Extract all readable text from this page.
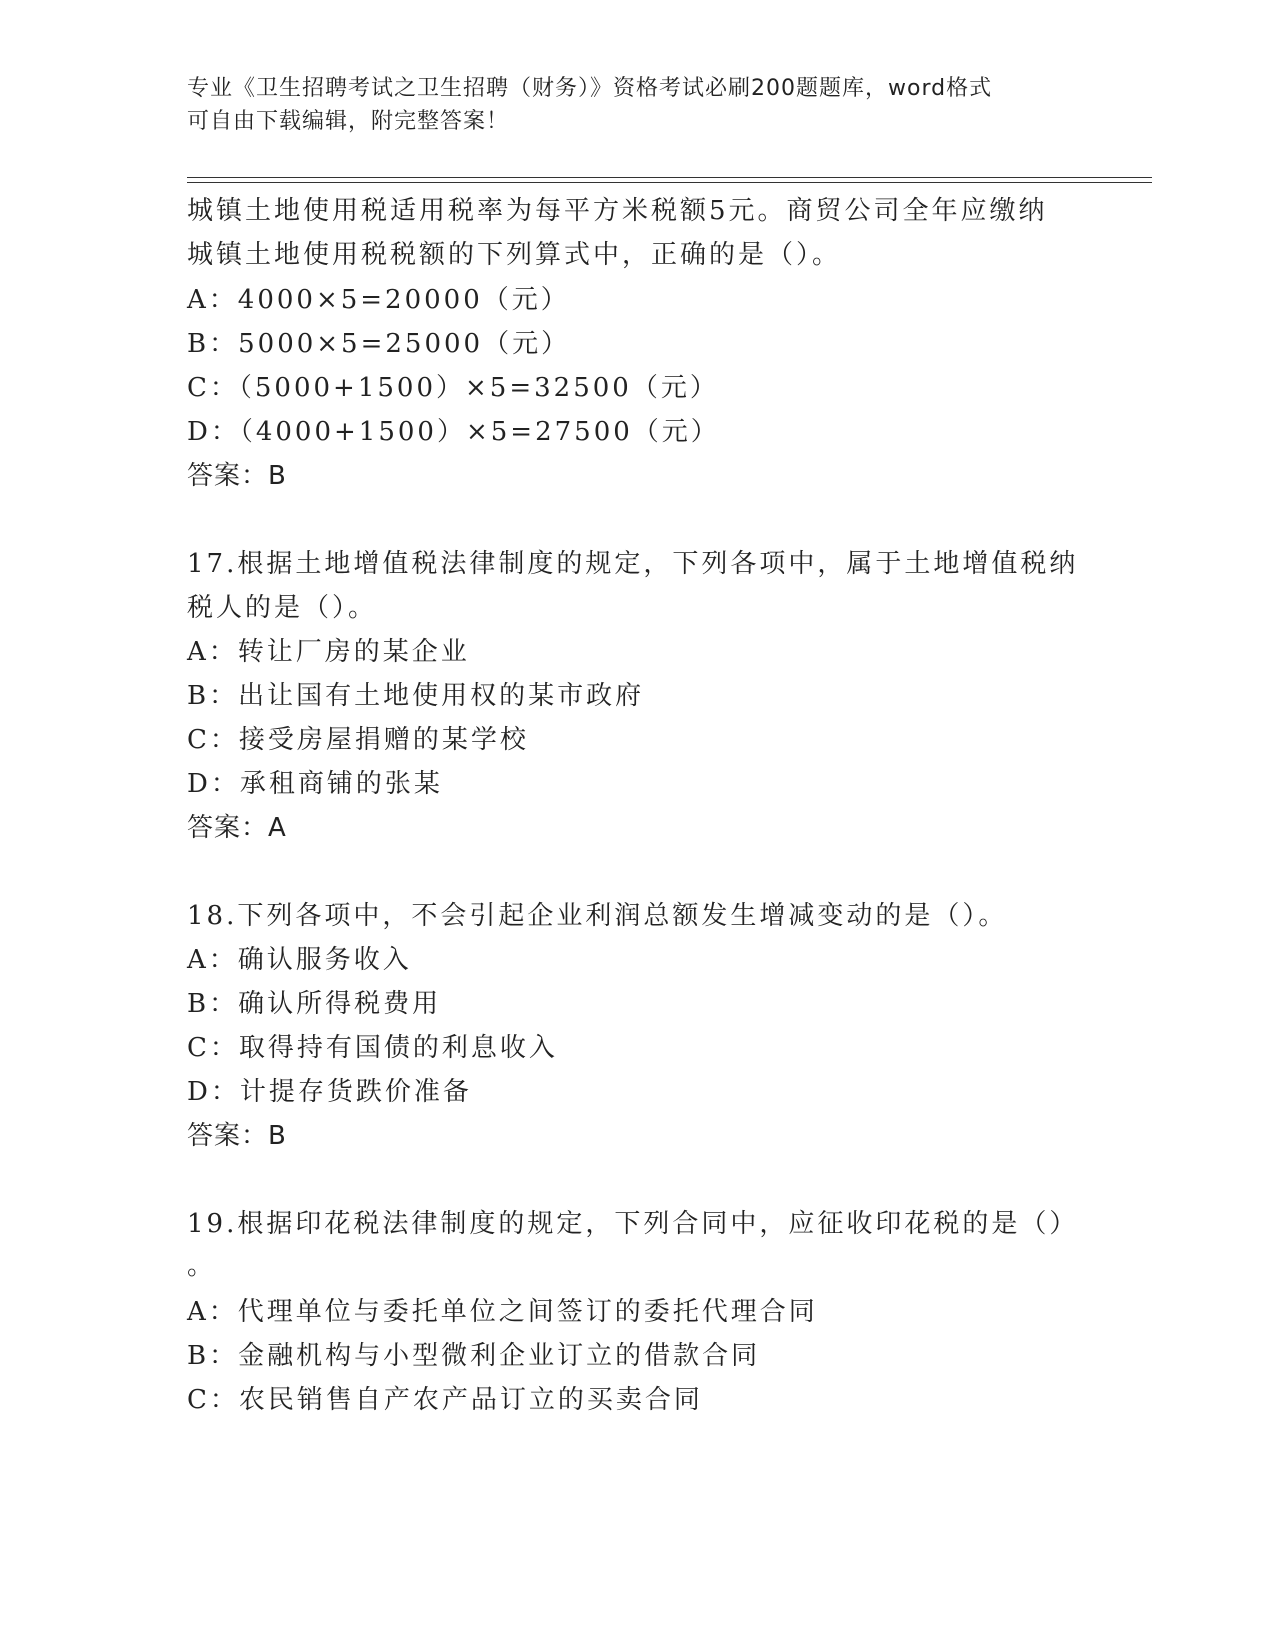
专业《卫生招聘考试之卫生招聘（财务）》资格考试必刷200题题库，word格式
可自由下载编辑，附完整答案！
城镇土地使用税适用税率为每平方米税额5元。商贸公司全年应缴纳
城镇土地使用税税额的下列算式中，正确的是（）。
A：4000×5=20000（元）
B：5000×5=25000（元）
C：（5000+1500）×5=32500（元）
D：（4000+1500）×5=27500（元）
答案：B
17.根据土地增值税法律制度的规定，下列各项中，属于土地增值税纳
税人的是（）。
A：转让厂房的某企业
B：出让国有土地使用权的某市政府
C：接受房屋捐赠的某学校
D：承租商铺的张某
答案：A
18.下列各项中，不会引起企业利润总额发生增减变动的是（）。
A：确认服务收入
B：确认所得税费用
C：取得持有国债的利息收入
D：计提存货跌价准备
答案：B
19.根据印花税法律制度的规定，下列合同中，应征收印花税的是（）
。
A：代理单位与委托单位之间签订的委托代理合同
B：金融机构与小型微利企业订立的借款合同
C：农民销售自产农产品订立的买卖合同
